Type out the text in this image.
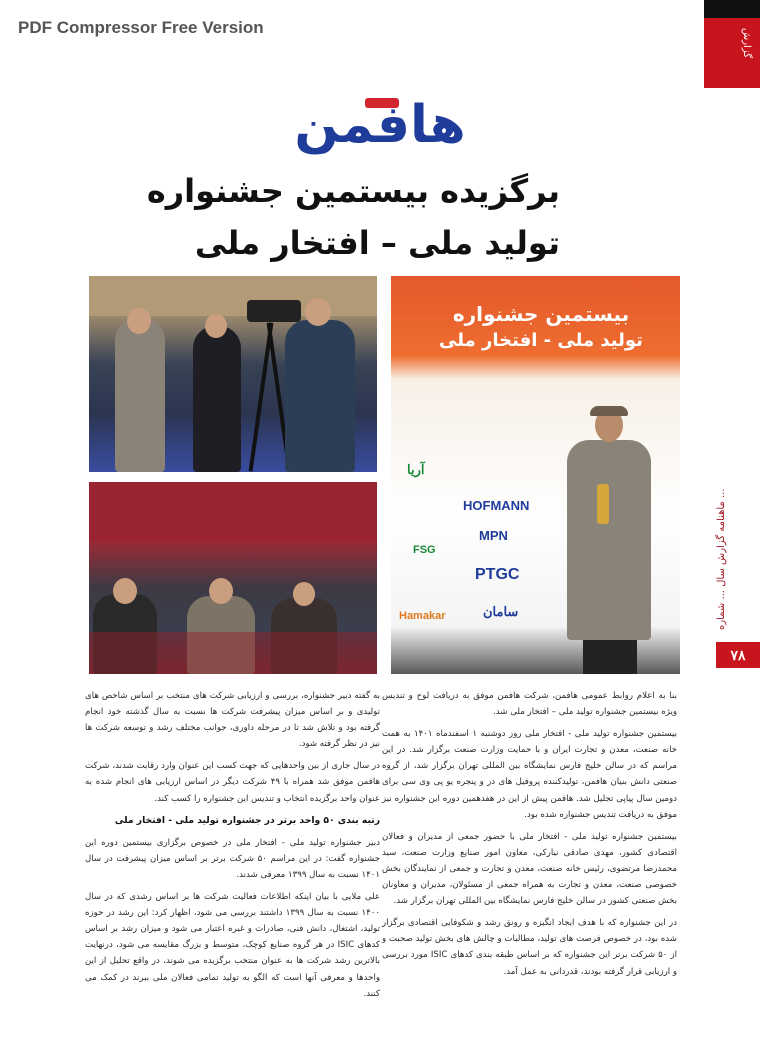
PDF Compressor Free Version
گزارش
هافمن
برگزیده بیستمین جشنواره
تولید ملی – افتخار ملی
بیستمین جشنواره
تولید ملی - افتخار ملی
آریا
HOFMANN
MPN
FSG
PTGC
Hamakar	سامان
۷۸
ماهنامه گزارش سال ... شماره ...

بنا به اعلام روابط عمومی هافمن، شرکت هافمن موفق به دریافت لوح و تندیس ویژه بیستمین جشنواره تولید ملی – افتخار ملی شد.

بیستمین جشنواره تولید ملی - افتخار ملی روز دوشنبه ۱ اسفندماه ۱۴۰۱ به همت خانه صنعت، معدن و تجارت ایران و با حمایت وزارت صنعت برگزار شد. در این مراسم که در سالن خلیج فارس نمایشگاه بین المللی تهران برگزار شد، از گروه صنعتی دانش بنیان هافمن، تولیدکننده پروفیل های در و پنجره یو پی وی سی برای دومین سال پیاپی تجلیل شد. هافمن پیش از این در هفدهمین دوره این جشنواره نیز موفق به دریافت تندیس جشنواره شده بود.

بیستمین جشنواره تولید ملی - افتخار ملی با حضور جمعی از مدیران و فعالان اقتصادی کشور، مهدی صادقی نیارکی، معاون امور صنایع وزارت صنعت، سید محمدرضا مرتضوی، رئیس خانه صنعت، معدن و تجارت و جمعی از نمایندگان بخش خصوصی صنعت، معدن و تجارت به همراه جمعی از مسئولان، مدیران و معاونان بخش صنعتی کشور در سالن خلیج فارس نمایشگاه بین المللی تهران برگزار شد.

در این جشنواره که با هدف ایجاد انگیزه و رونق رشد و شکوفایی اقتصادی برگزار شده بود، در خصوص فرصت های تولید، مطالبات و چالش های بخش تولید صحبت و از ۵۰ شرکت برتر این جشنواره که بر اساس طبقه بندی کدهای ISIC مورد بررسی و ارزیابی قرار گرفته بودند، قدردانی به عمل آمد.

به گفته دبیر جشنواره، بررسی و ارزیابی شرکت های منتخب بر اساس شاخص های تولیدی و بر اساس میزان پیشرفت شرکت ها نسبت به سال گذشته خود انجام گرفته بود و تلاش شد تا در مرحله داوری، جوانب مختلف رشد و توسعه شرکت ها نیز در نظر گرفته شود.

در سال جاری از بین واحدهایی که جهت کسب این عنوان وارد رقابت شدند، شرکت هافمن موفق شد همراه با ۴۹ شرکت دیگر در اساس ارزیابی های انجام شده به عنوان واحد برگزیده انتخاب و تندیس این جشنواره را کسب کند.

رتبه بندی ۵۰ واحد برتر در جشنواره تولید ملی - افتخار ملی

دبیر جشنواره تولید ملی - افتخار ملی در خصوص برگزاری بیستمین دوره این جشنواره گفت: در این مراسم ۵۰ شرکت برتر بر اساس میزان پیشرفت در سال ۱۴۰۱ نسبت به سال ۱۳۹۹ معرفی شدند.

علی ملایی با بیان اینکه اطلاعات فعالیت شرکت ها بر اساس رشدی که در سال ۱۴۰۰ نسبت به سال ۱۳۹۹ داشتند بررسی می شود، اظهار کرد: این رشد در حوزه تولید، اشتغال، دانش فنی، صادرات و غیره اعتبار می شود و میزان رشد بر اساس کدهای ISIC در هر گروه صنایع کوچک، متوسط و بزرگ مقایسه می شود، درنهایت بالاترین رشد شرکت ها به عنوان منتخب برگزیده می شوند، در واقع تحلیل از این واحدها و معرفی آنها است که الگو به تولید تمامی فعالان ملی ببرند در کمک می کنند.
